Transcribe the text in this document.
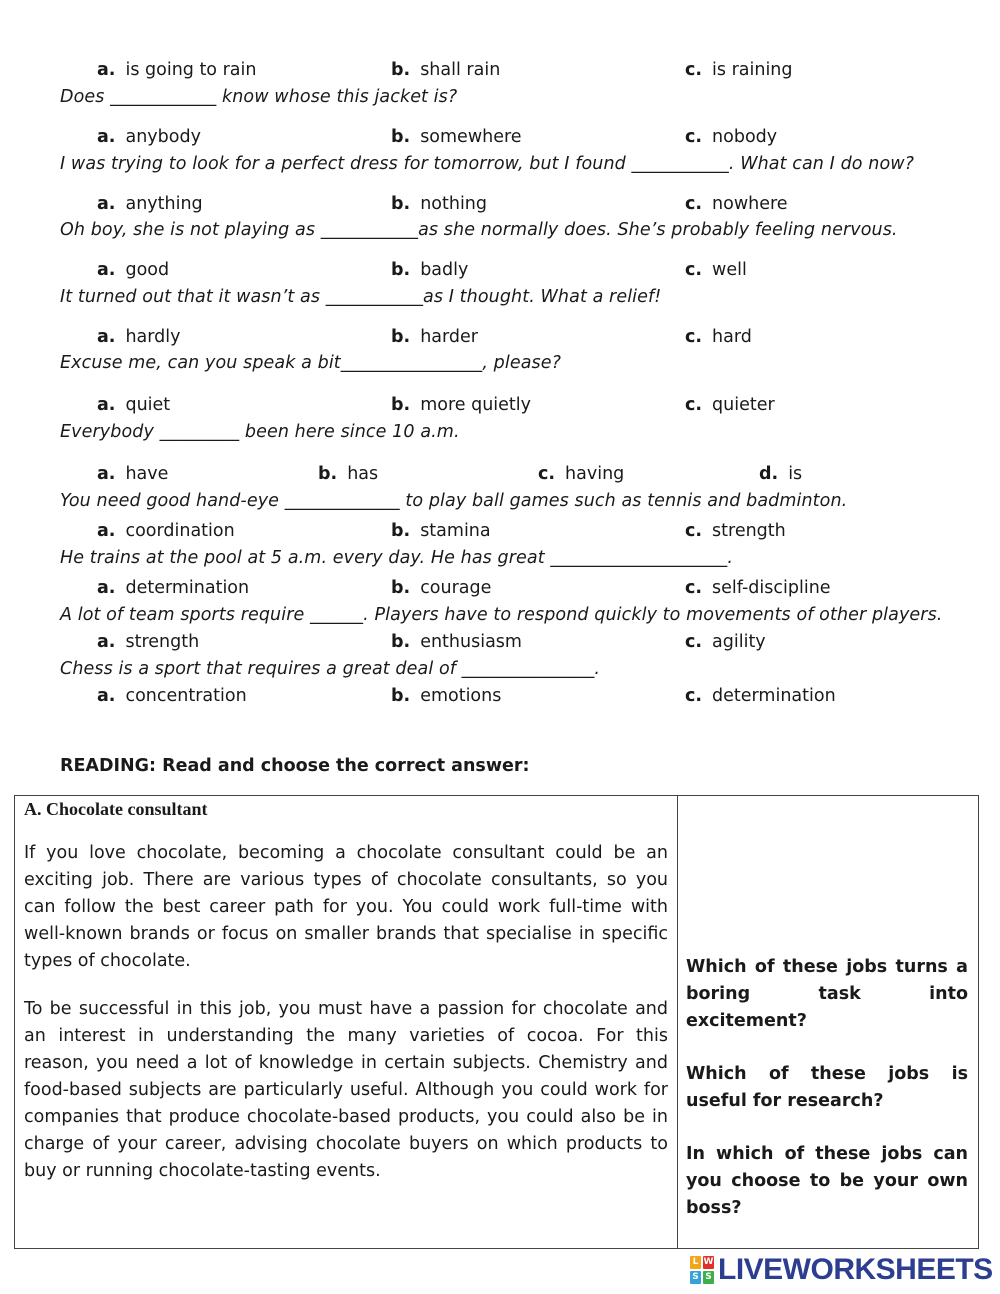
a. is going to rain	b. shall rain	c. is raining
Does ____________ know whose this jacket is?
a. anybody	b. somewhere	c. nobody
I was trying to look for a perfect dress for tomorrow, but I found ___________. What can I do now?
a. anything	b. nothing	c. nowhere
Oh boy, she is not playing as ___________as she normally does. She’s probably feeling nervous.
a. good	b. badly	c. well
It turned out that it wasn’t as ___________as I thought. What a relief!
a. hardly	b. harder	c. hard
Excuse me, can you speak a bit________________, please?
a. quiet	b. more quietly	c. quieter
Everybody _________ been here since 10 a.m.
a. have	b. has	c. having	d. is
You need good hand-eye _____________ to play ball games such as tennis and badminton.
a. coordination	b. stamina	c. strength
He trains at the pool at 5 a.m. every day. He has great ____________________.
a. determination	b. courage	c. self-discipline
A lot of team sports require ______. Players have to respond quickly to movements of other players.
a. strength	b. enthusiasm	c. agility
Chess is a sport that requires a great deal of _______________.
a. concentration	b. emotions	c. determination
READING: Read and choose the correct answer:
A. Chocolate consultant
If you love chocolate, becoming a chocolate consultant could be an exciting job. There are various types of chocolate consultants, so you can follow the best career path for you. You could work full-time with well-known brands or focus on smaller brands that specialise in specific types of chocolate.
To be successful in this job, you must have a passion for chocolate and an interest in understanding the many varieties of cocoa. For this reason, you need a lot of knowledge in certain subjects. Chemistry and food-based subjects are particularly useful. Although you could work for companies that produce chocolate-based products, you could also be in charge of your career, advising chocolate buyers on which products to buy or running chocolate-tasting events.

Which of these jobs turns a boring task into excitement?
Which of these jobs is useful for research?
In which of these jobs can you choose to be your own boss?
L W
S S LIVEWORKSHEETS
